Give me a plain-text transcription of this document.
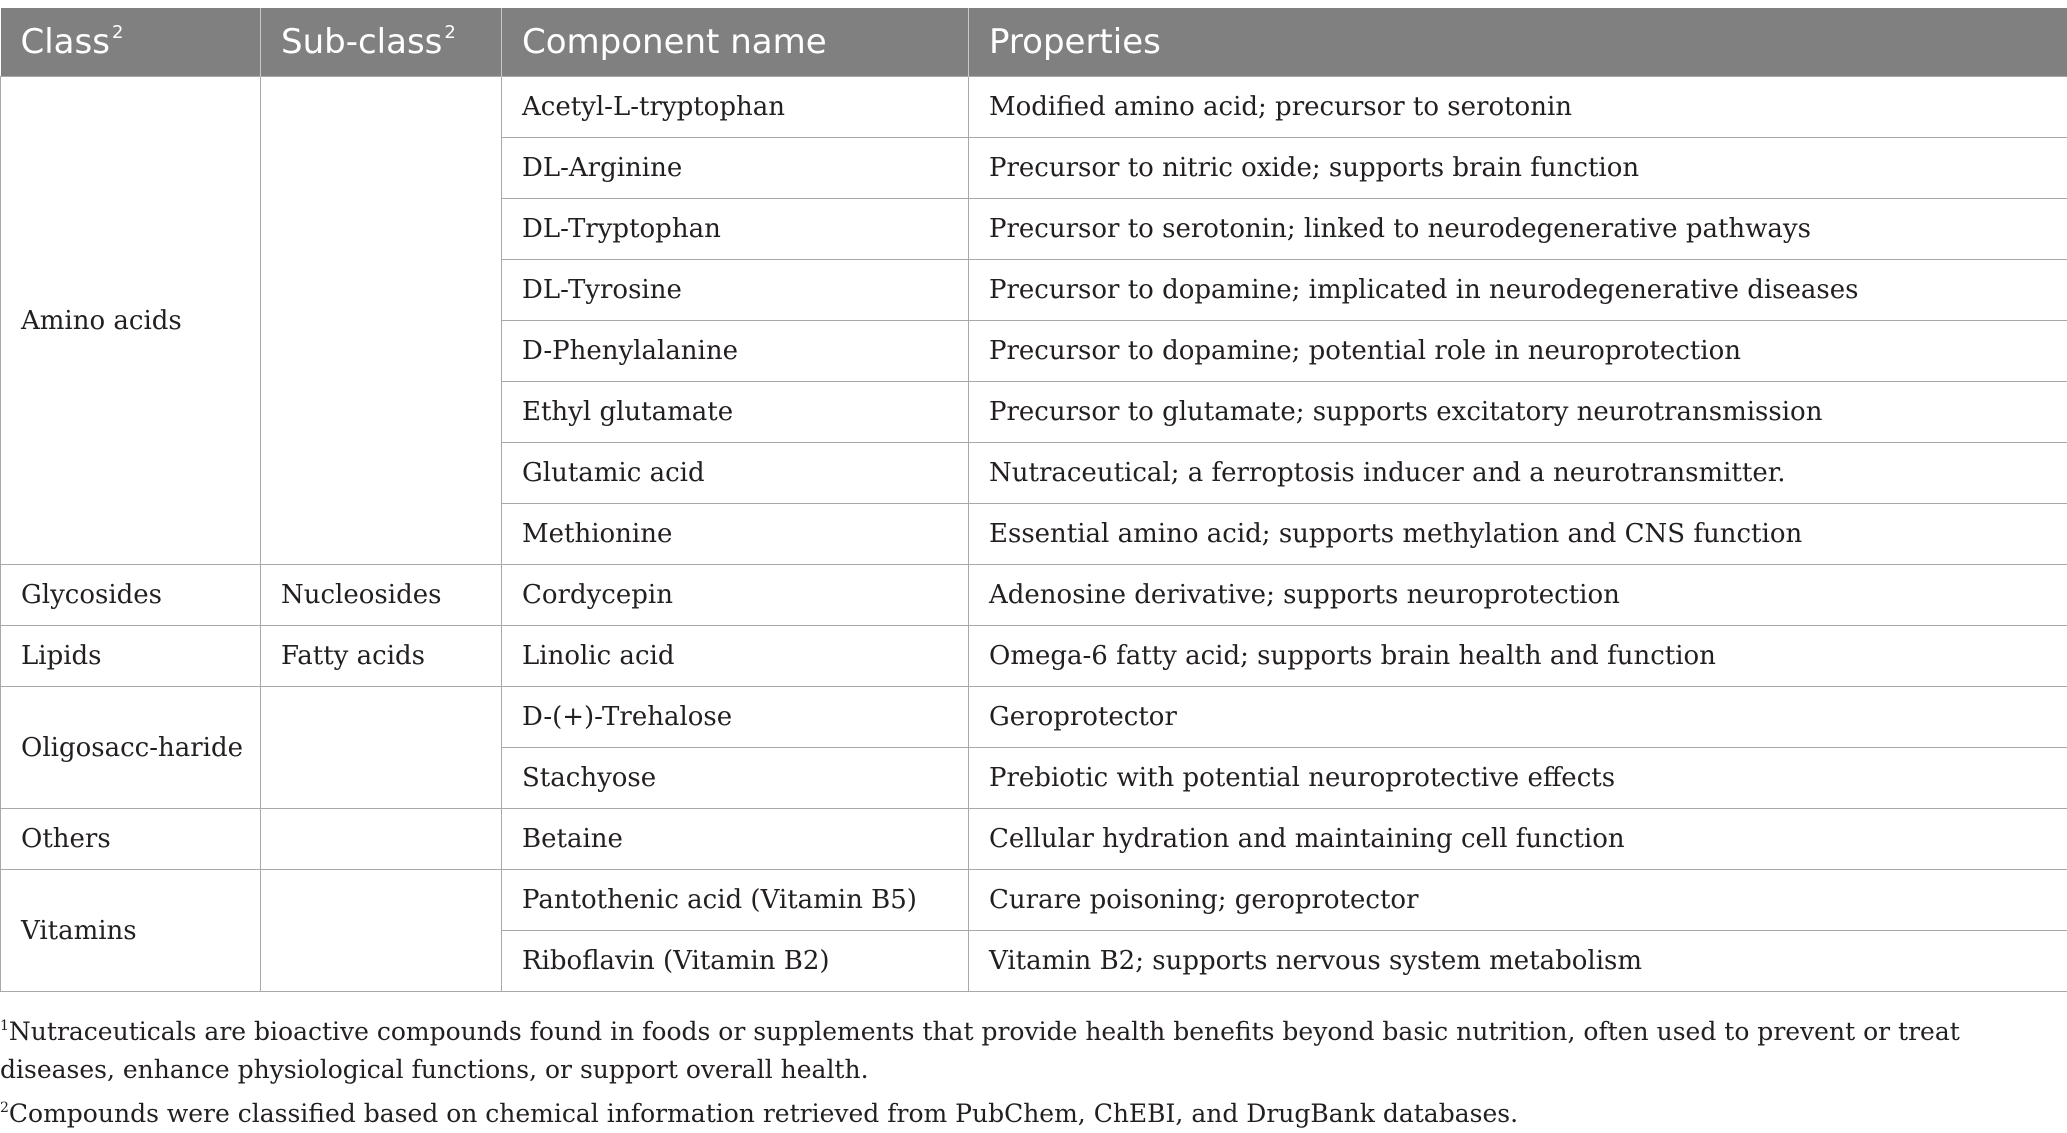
Class $^2$	Sub-class $^2$	Component name	Properties
Amino acids		Acetyl-L-tryptophan	Modified amino acid; precursor to serotonin
		DL-Arginine	Precursor to nitric oxide; supports brain function
		DL-Tryptophan	Precursor to serotonin; linked to neurodegenerative pathways
		DL-Tyrosine	Precursor to dopamine; implicated in neurodegenerative diseases
		D-Phenylalanine	Precursor to dopamine; potential role in neuroprotection
		Ethyl glutamate	Precursor to glutamate; supports excitatory neurotransmission
		Glutamic acid	Nutraceutical; a ferroptosis inducer and a neurotransmitter.
		Methionine	Essential amino acid; supports methylation and CNS function
Glycosides	Nucleosides	Cordycepin	Adenosine derivative; supports neuroprotection
Lipids	Fatty acids	Linolic acid	Omega-6 fatty acid; supports brain health and function
Oligosacc-haride		D-(+)-Trehalose	Geroprotector
		Stachyose	Prebiotic with potential neuroprotective effects
Others		Betaine	Cellular hydration and maintaining cell function
Vitamins		Pantothenic acid (Vitamin B5)	Curare poisoning; geroprotector
		Riboflavin (Vitamin B2)	Vitamin B2; supports nervous system metabolism

$^1$Nutraceuticals are bioactive compounds found in foods or supplements that provide health benefits beyond basic nutrition, often used to prevent or treat diseases, enhance physiological functions, or support overall health.

$^2$Compounds were classified based on chemical information retrieved from PubChem, ChEBI, and DrugBank databases.
